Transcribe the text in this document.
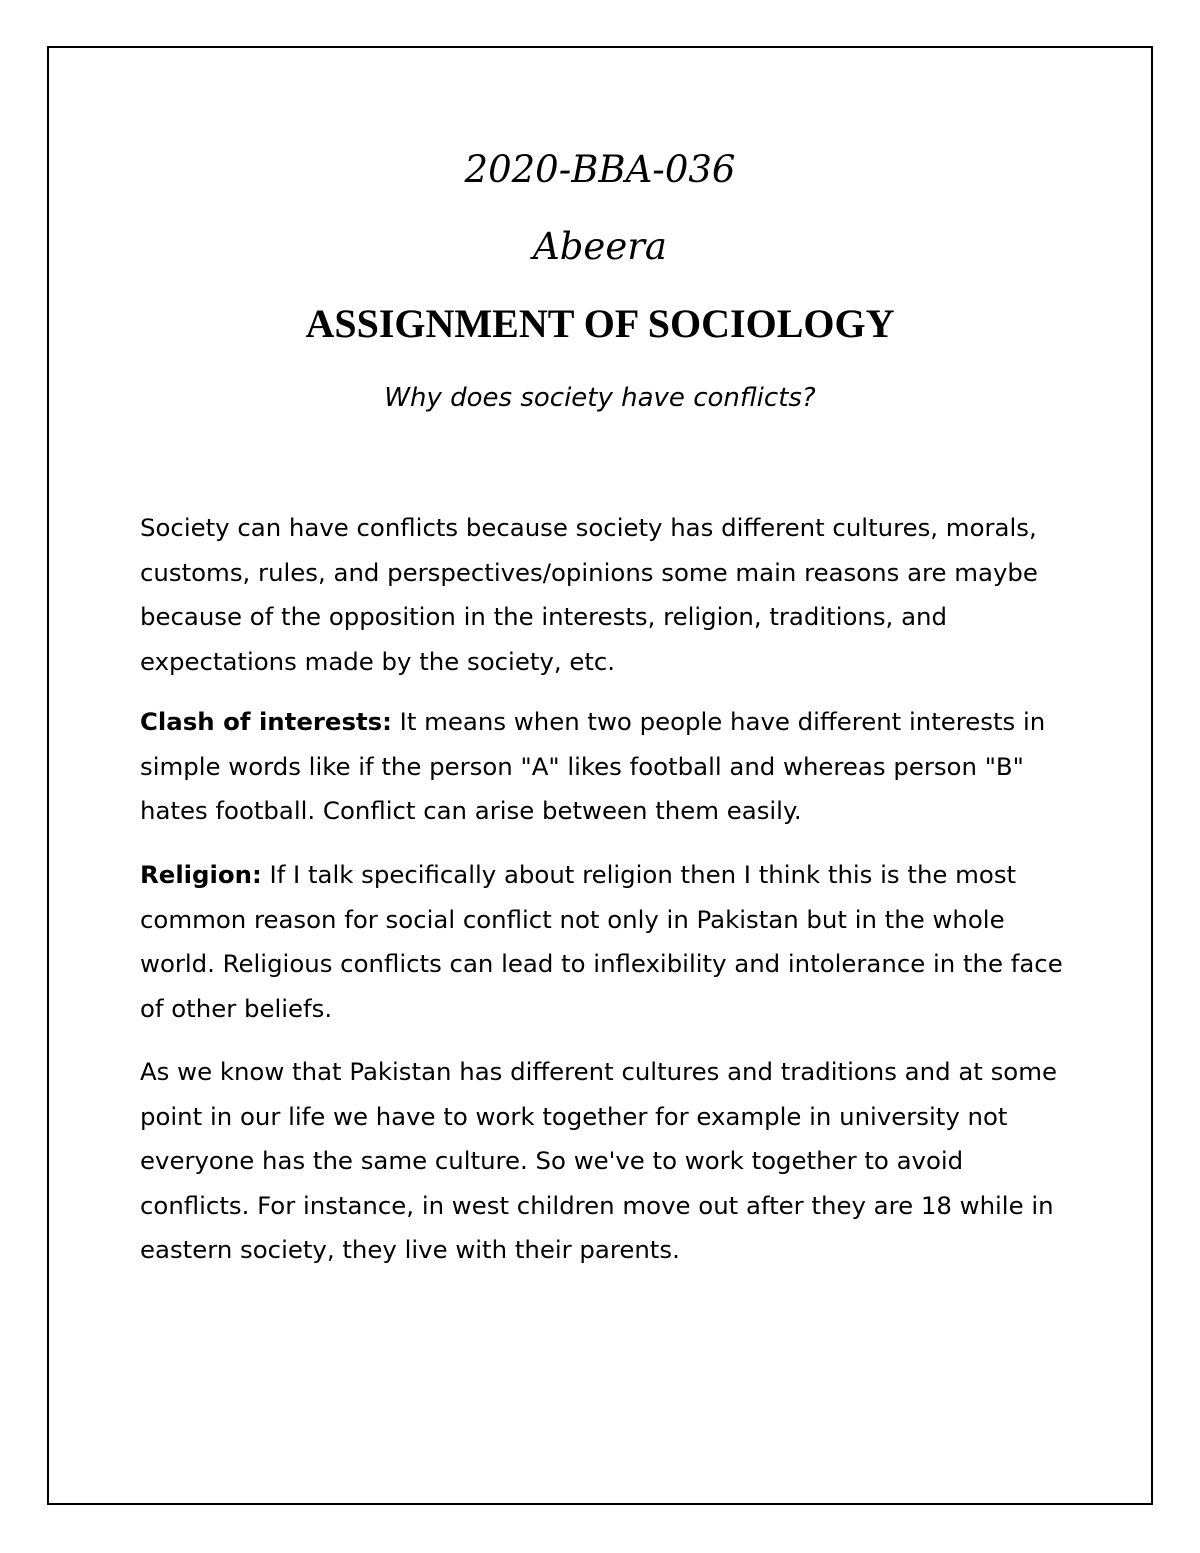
2020-BBA-036
Abeera
ASSIGNMENT OF SOCIOLOGY
Why does society have conflicts?

Society can have conflicts because society has different cultures, morals, customs, rules, and perspectives/opinions some main reasons are maybe because of the opposition in the interests, religion, traditions, and expectations made by the society, etc.

Clash of interests: It means when two people have different interests in simple words like if the person "A" likes football and whereas person "B" hates football. Conflict can arise between them easily.

Religion: If I talk specifically about religion then I think this is the most common reason for social conflict not only in Pakistan but in the whole world. Religious conflicts can lead to inflexibility and intolerance in the face of other beliefs.

As we know that Pakistan has different cultures and traditions and at some point in our life we have to work together for example in university not everyone has the same culture. So we've to work together to avoid conflicts. For instance, in west children move out after they are 18 while in eastern society, they live with their parents.
